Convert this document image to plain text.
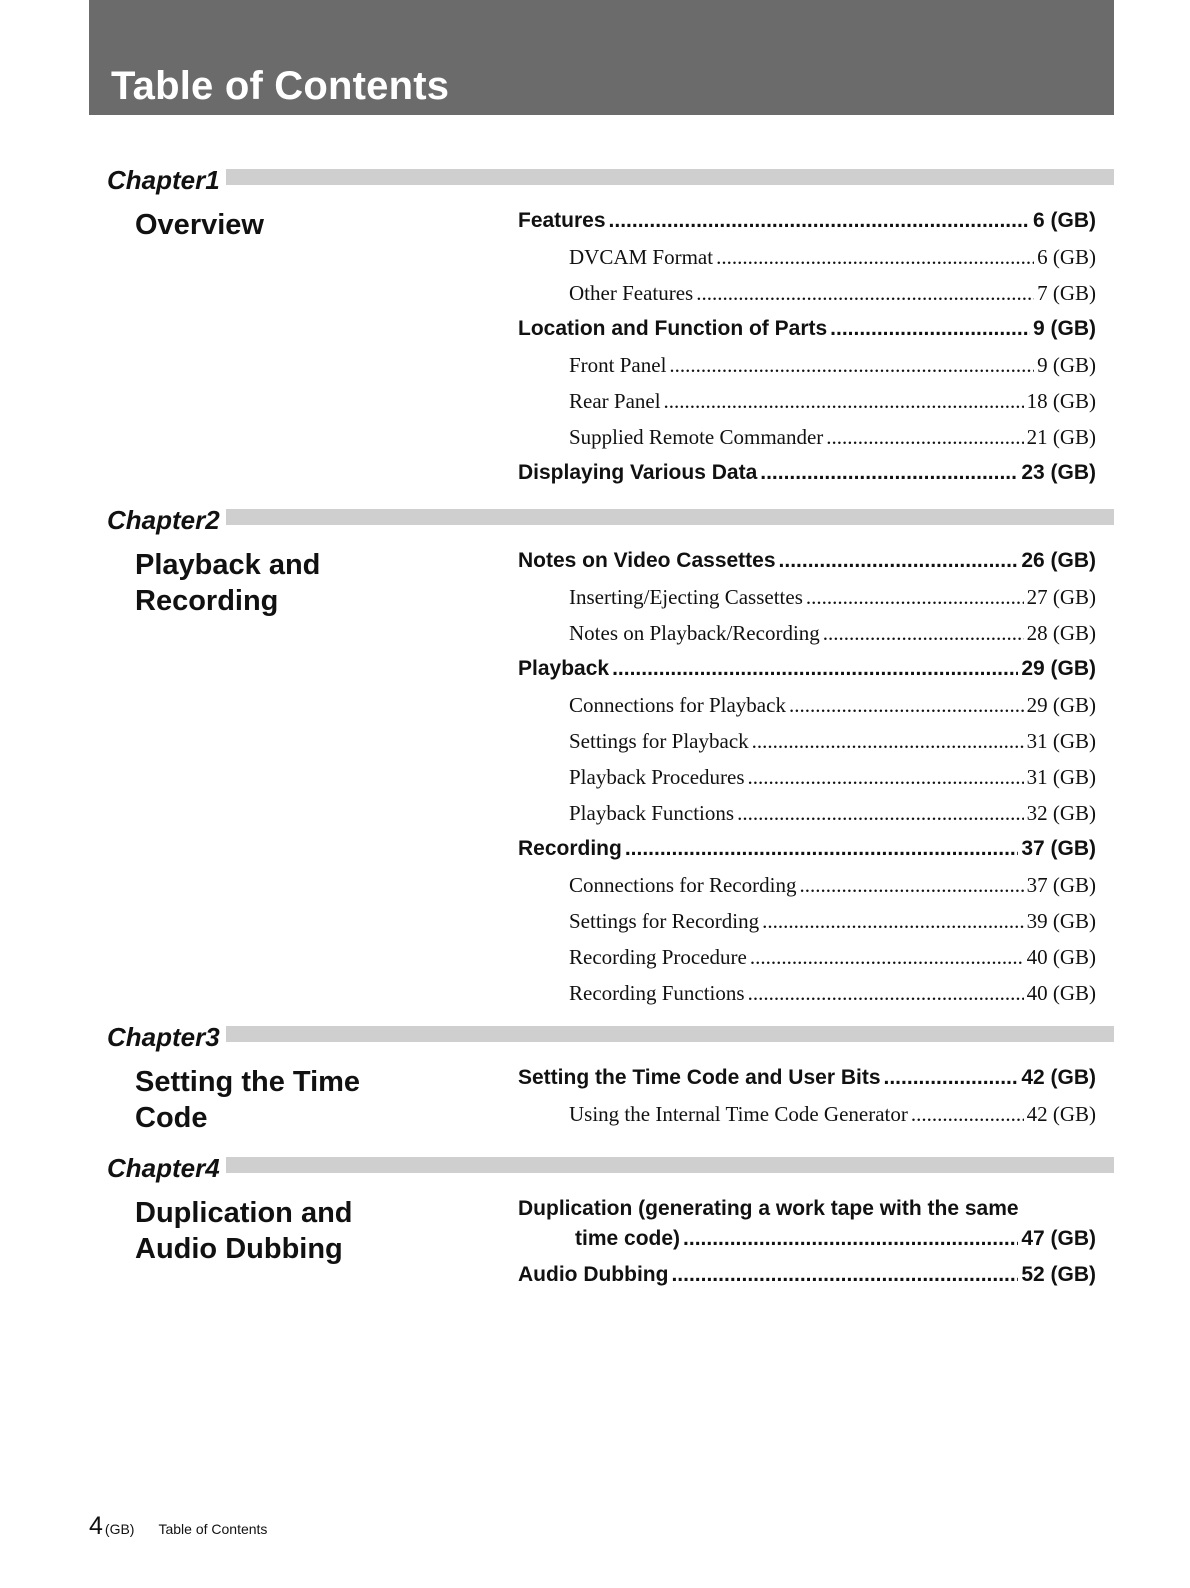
Table of Contents
Chapter1
Overview	Features .....	6 (GB)
DVCAM Format .....	6 (GB)
Other Features .....	7 (GB)
Location and Function of Parts .....	9 (GB)
Front Panel .....	9 (GB)
Rear Panel .....	18 (GB)
Supplied Remote Commander .....	21 (GB)
Displaying Various Data .....	23 (GB)
Chapter2
Playback and
Recording
Notes on Video Cassettes .....	26 (GB)
Inserting/Ejecting Cassettes .....	27 (GB)
Notes on Playback/Recording .....	28 (GB)
Playback .....	29 (GB)
Connections for Playback .....	29 (GB)
Settings for Playback .....	31 (GB)
Playback Procedures .....	31 (GB)
Playback Functions .....	32 (GB)
Recording .....	37 (GB)
Connections for Recording .....	37 (GB)
Settings for Recording .....	39 (GB)
Recording Procedure .....	40 (GB)
Recording Functions .....	40 (GB)
Chapter3
Setting the Time
Code
Setting the Time Code and User Bits .....	42 (GB)
Using the Internal Time Code Generator .....	42 (GB)
Chapter4
Duplication and
Audio Dubbing
Duplication (generating a work tape with the same
time code) .....	47 (GB)
Audio Dubbing .....	52 (GB)
4 (GB) Table of Contents
